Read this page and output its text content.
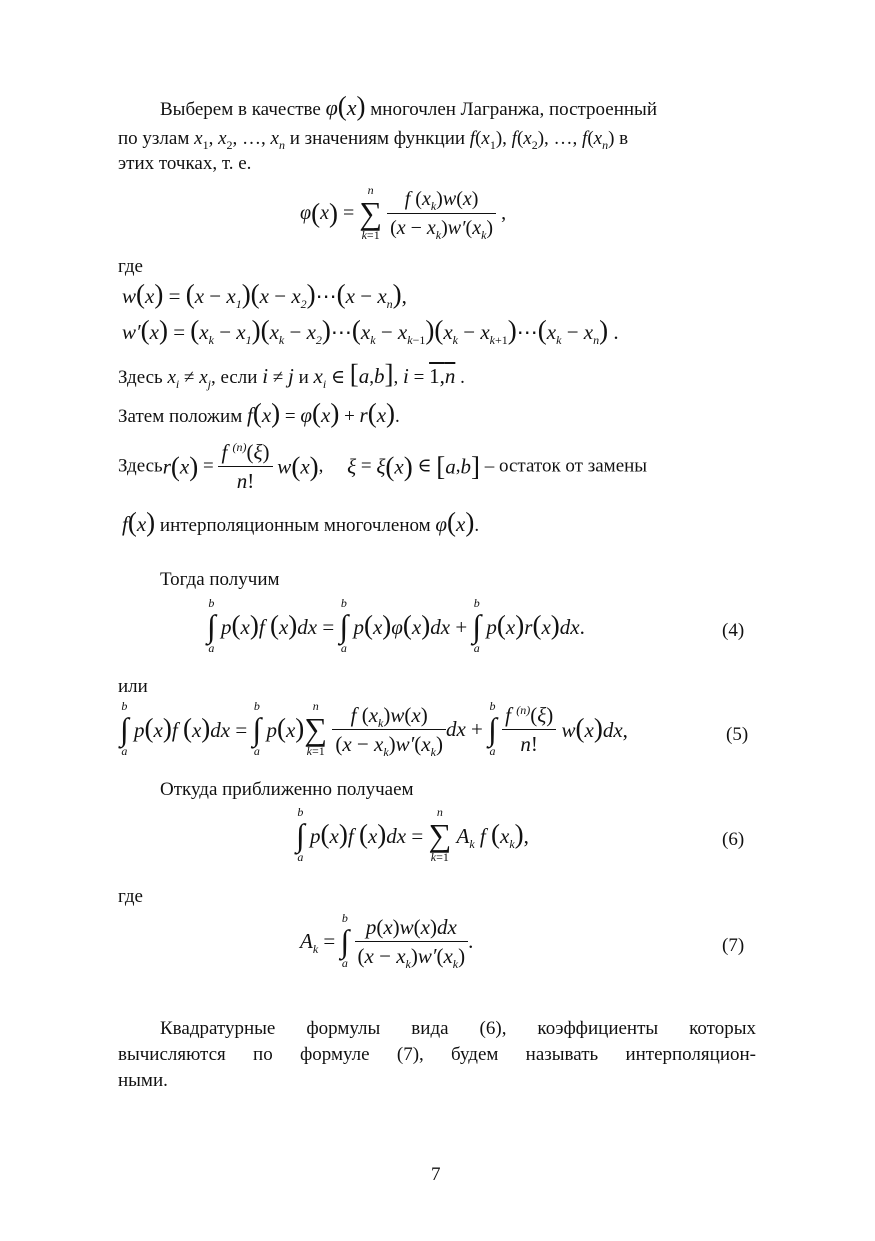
Выберем в качестве φ(x) многочлен Лагранжа, построенный
по узлам $x_1$, $x_2$, …, $x_n$ и значениям функции $f(x_1)$, $f(x_2)$, …, $f(x_n)$ в
этих точках, т. е.
φ(x) =
n
∑
k=1
$\frac{f (x_k)w(x)}{(x - x_k)w'(x_k)}$ ,
где
$w(x) = (x - x_1)(x$ − $x_2)\cdots(x - x_n)$,
$w'(x) = (x_k - x_1)(x_k$ − $x_2)\cdots(x_k - x_{k-1})(x_k$ − $x_{k+1})\cdots(x_k - x_n)$ .
Здесь $x_i \ne x_j$, если i ≠ j и $x_i$ ∈ [a,b], i = 1,n .
Затем положим f(x) = φ(x) + r(x).
Здесьr(x) = $\frac{f ^{(n)}(\xi)}{n!} w(x)$,     ξ = ξ(x) ∈ [a,b] – остаток от замены
f(x) интерполяционным многочленом φ(x).
Тогда получим
b
∫
a
p(x)f (x)dx =
b
∫
a
p(x)φ(x)dx +
b
∫
a
p(x)r(x)dx.	(4)
или
b
∫
a
p(x)f (x)dx =
b
∫
a
p(x)
n
∑
k=1
$\frac{f (x_k)w(x)}{(x - x_k)w'(x_k)}$ dx +
b
∫
a
$\frac{f ^{(n)}(\xi)}{n!} w(x)dx$,	(5)
Откуда приближенно получаем
b
∫
a
p(x)f (x)dx =
n
∑
k=1
$A_k$ f $(x_k)$,	(6)
где
$A_k$ =
b
∫
a
$\frac{p(x)w(x)dx}{(x - x_k)w'(x_k)}$ .	(7)
Квадратурные формулы вида (6), коэффициенты которых
вычисляются по формуле (7), будем называть интерполяцион-
ными.
7
